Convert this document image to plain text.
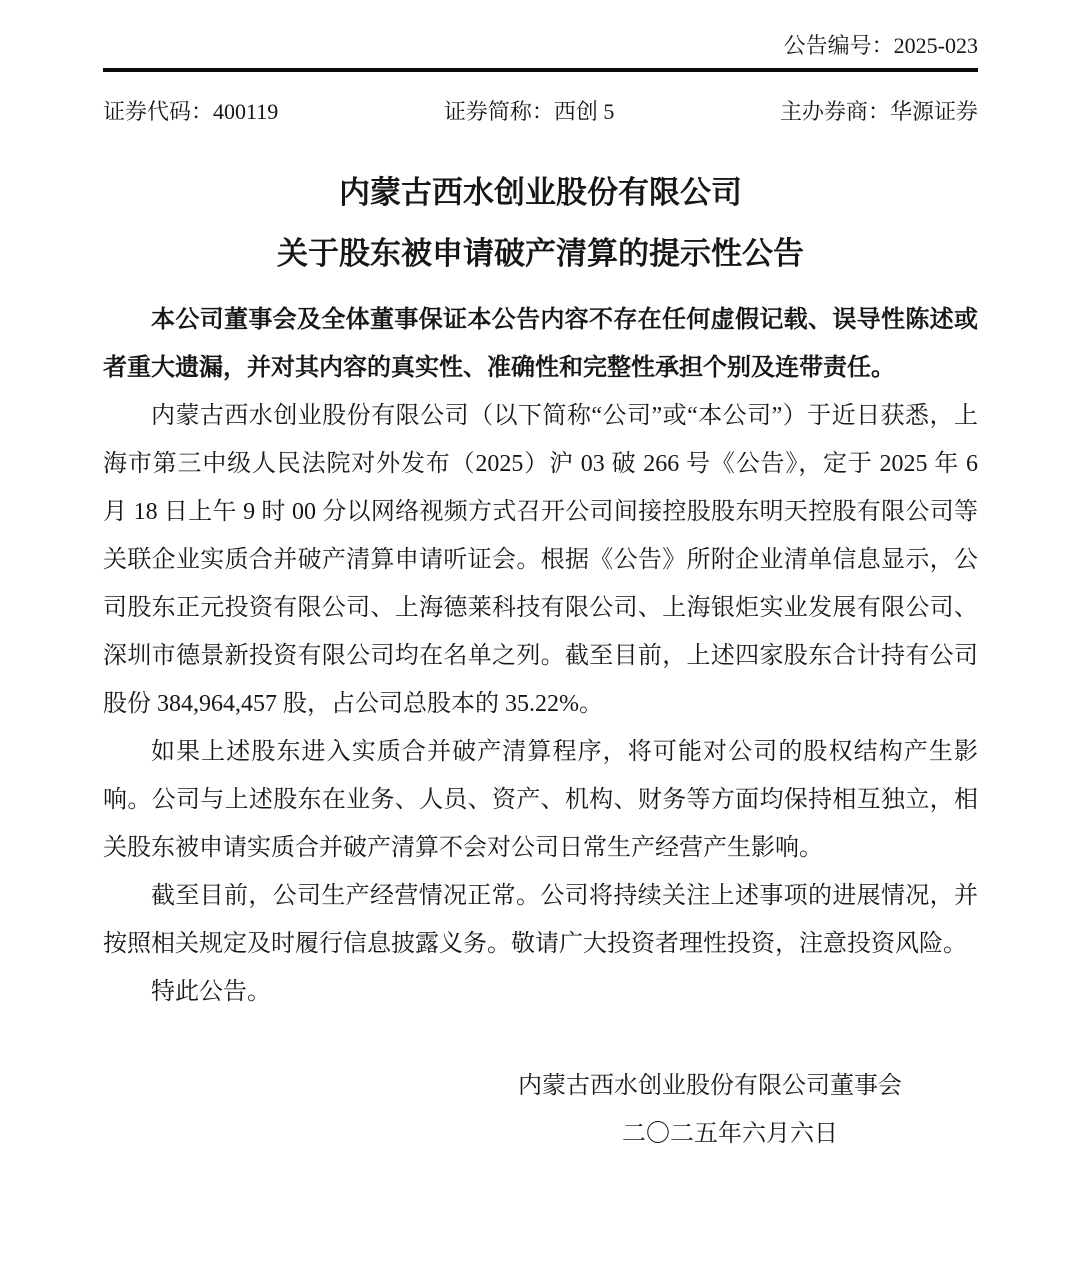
公告编号：2025-023
证券代码：400119	证券简称：西创 5	主办券商：华源证券
内蒙古西水创业股份有限公司
关于股东被申请破产清算的提示性公告

本公司董事会及全体董事保证本公告内容不存在任何虚假记载、误导性陈述或者重大遗漏，并对其内容的真实性、准确性和完整性承担个别及连带责任。

内蒙古西水创业股份有限公司（以下简称“公司”或“本公司”）于近日获悉，上海市第三中级人民法院对外发布（2025）沪 03 破 266 号《公告》，定于 2025 年 6 月 18 日上午 9 时 00 分以网络视频方式召开公司间接控股股东明天控股有限公司等关联企业实质合并破产清算申请听证会。根据《公告》所附企业清单信息显示，公司股东正元投资有限公司、上海德莱科技有限公司、上海银炬实业发展有限公司、深圳市德景新投资有限公司均在名单之列。截至目前，上述四家股东合计持有公司股份 384,964,457 股，占公司总股本的 35.22%。

如果上述股东进入实质合并破产清算程序，将可能对公司的股权结构产生影响。公司与上述股东在业务、人员、资产、机构、财务等方面均保持相互独立，相关股东被申请实质合并破产清算不会对公司日常生产经营产生影响。

截至目前，公司生产经营情况正常。公司将持续关注上述事项的进展情况，并按照相关规定及时履行信息披露义务。敬请广大投资者理性投资，注意投资风险。

特此公告。

内蒙古西水创业股份有限公司董事会
二〇二五年六月六日
